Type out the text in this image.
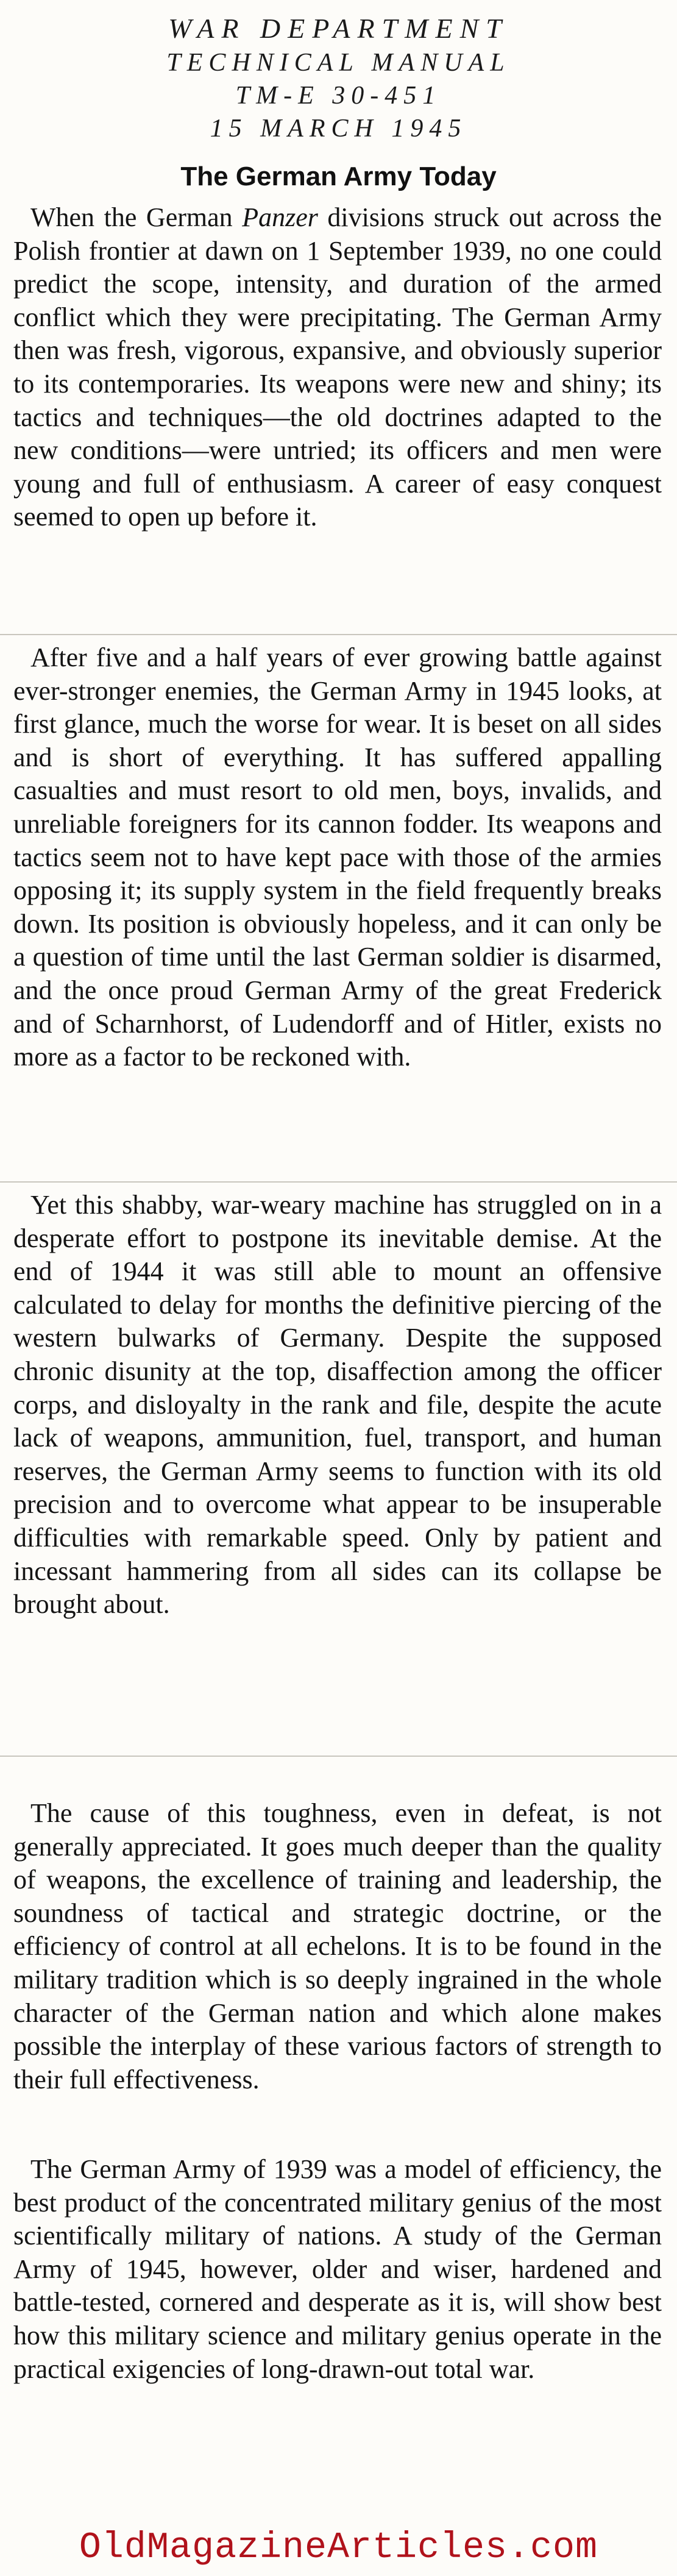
WAR DEPARTMENT
TECHNICAL MANUAL
TM-E 30-451
15 MARCH 1945
The German Army Today

When the German Panzer divisions struck out across the Polish frontier at dawn on 1 September 1939, no one could predict the scope, intensity, and duration of the armed conflict which they were precipitating. The German Army then was fresh, vigorous, expansive, and obviously superior to its contemporaries. Its weapons were new and shiny; its tactics and techniques—the old doctrines adapted to the new conditions—were untried; its officers and men were young and full of enthusiasm. A career of easy conquest seemed to open up before it.

After five and a half years of ever growing battle against ever-stronger enemies, the German Army in 1945 looks, at first glance, much the worse for wear. It is beset on all sides and is short of everything. It has suffered appalling casualties and must resort to old men, boys, invalids, and unreliable foreigners for its cannon fodder. Its weapons and tactics seem not to have kept pace with those of the armies opposing it; its supply system in the field frequently breaks down. Its position is obviously hopeless, and it can only be a question of time until the last German soldier is disarmed, and the once proud German Army of the great Frederick and of Scharnhorst, of Ludendorff and of Hitler, exists no more as a factor to be reckoned with.

Yet this shabby, war-weary machine has struggled on in a desperate effort to postpone its inevitable demise. At the end of 1944 it was still able to mount an offensive calculated to delay for months the definitive piercing of the western bulwarks of Germany. Despite the supposed chronic disunity at the top, disaffection among the officer corps, and disloyalty in the rank and file, despite the acute lack of weapons, ammunition, fuel, transport, and human reserves, the German Army seems to function with its old precision and to overcome what appear to be insuperable difficulties with remarkable speed. Only by patient and incessant hammering from all sides can its collapse be brought about.

The cause of this toughness, even in defeat, is not generally appreciated. It goes much deeper than the quality of weapons, the excellence of training and leadership, the soundness of tactical and strategic doctrine, or the efficiency of control at all echelons. It is to be found in the military tradition which is so deeply ingrained in the whole character of the German nation and which alone makes possible the interplay of these various factors of strength to their full effectiveness.

The German Army of 1939 was a model of efficiency, the best product of the concentrated military genius of the most scientifically military of nations. A study of the German Army of 1945, however, older and wiser, hardened and battle-tested, cornered and desperate as it is, will show best how this military science and military genius operate in the practical exigencies of long-drawn-out total war.

OldMagazineArticles.com
